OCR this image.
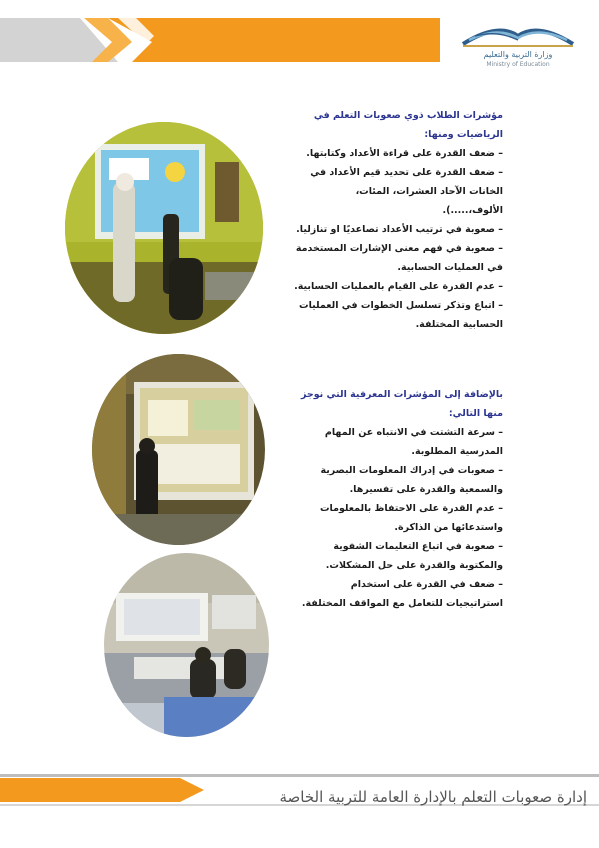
وزارة التربية والتعليم
Ministry of Education
مؤشرات الطلاب ذوي صعوبات التعلم في الرياضيات ومنها:
– ضعف القدرة على قراءة الأعداد وكتابتها.
– ضعف القدرة على تحديد قيم الأعداد في الخانات الآحاد العشرات، المئات، الألوف،.....).
– صعوبة في ترتيب الأعداد تصاعديًا او تنازليا.
– صعوبة في فهم معنى الإشارات المستخدمة في العمليات الحسابية.
– عدم القدرة على القيام بالعمليات الحسابية.
– اتباع وتذكر تسلسل الخطوات في العمليات الحسابية المختلفة.
بالإضافة إلى المؤشرات المعرفية التي نوجز منها التالي:
– سرعة التشتت في الانتباه عن المهام المدرسية المطلوبة.
– صعوبات في إدراك المعلومات البصرية والسمعية والقدرة على تفسيرها.
– عدم القدرة على الاحتفاظ بالمعلومات واستدعائها من الذاكرة.
– صعوبة في اتباع التعليمات الشفوية والمكتوبة والقدرة على حل المشكلات.
– ضعف في القدرة على استخدام استراتيجيات للتعامل مع المواقف المختلفة.
إدارة صعوبات التعلم بالإدارة العامة للتربية الخاصة
